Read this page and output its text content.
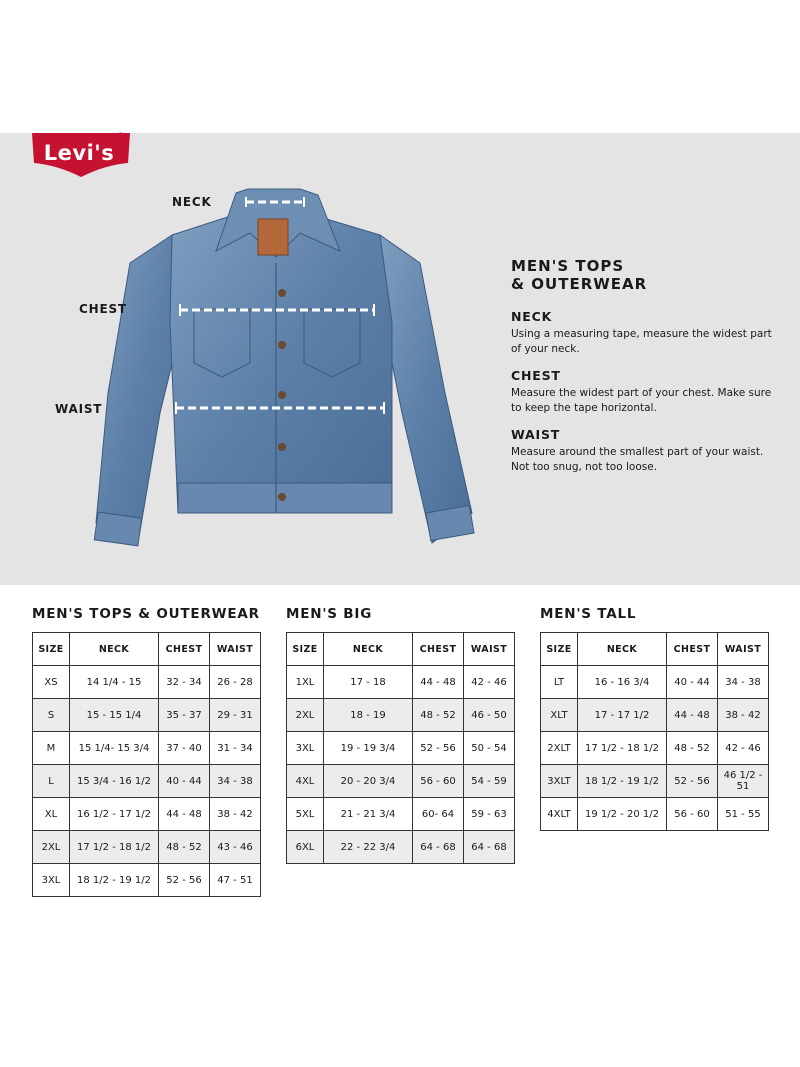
Levi's
®
NECK
CHEST
WAIST
MEN'S TOPS
& OUTERWEAR
NECK
Using a measuring tape, measure the widest part of your neck.
CHEST
Measure the widest part of your chest. Make sure to keep the tape horizontal.
WAIST
Measure around the smallest part of your waist. Not too snug, not too loose.
MEN'S TOPS & OUTERWEAR
SIZE	NECK	CHEST	WAIST
XS	14 1/4 - 15	32 - 34	26 - 28
S	15 - 15 1/4	35 - 37	29 - 31
M	15 1/4- 15 3/4	37 - 40	31 - 34
L	15 3/4 - 16 1/2	40 - 44	34 - 38
XL	16 1/2 - 17 1/2	44 - 48	38 - 42
2XL	17 1/2 - 18 1/2	48 - 52	43 - 46
3XL	18 1/2 - 19 1/2	52 - 56	47 - 51
MEN'S BIG
SIZE	NECK	CHEST	WAIST
1XL	17 - 18	44 - 48	42 - 46
2XL	18 - 19	48 - 52	46 - 50
3XL	19 - 19 3/4	52 - 56	50 - 54
4XL	20 - 20 3/4	56 - 60	54 - 59
5XL	21 - 21 3/4	60- 64	59 - 63
6XL	22 - 22 3/4	64 - 68	64 - 68
MEN'S TALL
SIZE	NECK	CHEST	WAIST
LT	16 - 16 3/4	40 - 44	34 - 38
XLT	17 - 17 1/2	44 - 48	38 - 42
2XLT	17 1/2 - 18 1/2	48 - 52	42 - 46
3XLT	18 1/2 - 19 1/2	52 - 56	46 1/2 - 51
4XLT	19 1/2 - 20 1/2	56 - 60	51 - 55
